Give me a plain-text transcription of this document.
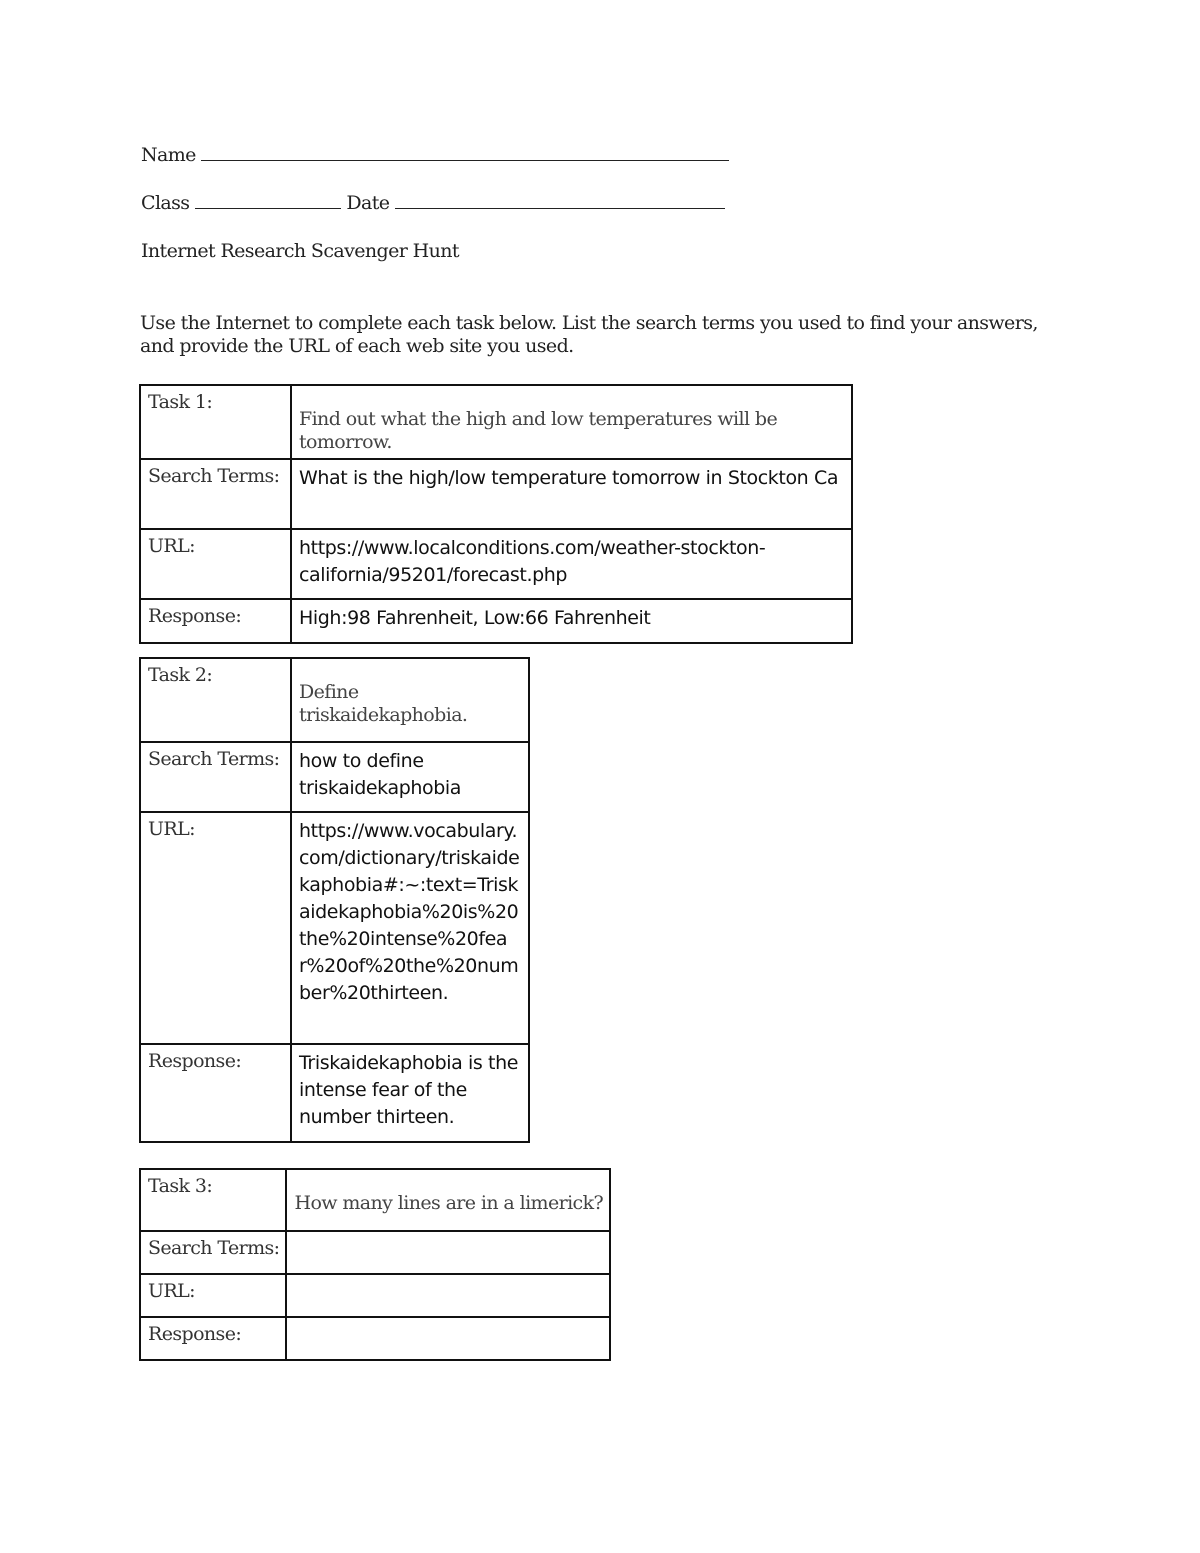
Name
Class	Date
Internet Research Scavenger Hunt
Use the Internet to complete each task below. List the search terms you used to find your answers, and provide the URL of each web site you used.
Task 1:	Find out what the high and low temperatures will be tomorrow.

Search Terms:	What is the high/low temperature tomorrow in Stockton Ca
URL:	https://www.localconditions.com/weather-stockton-california/95201/forecast.php
Response:	High:98 Fahrenheit, Low:66 Fahrenheit
Task 2:	Define triskaidekaphobia.

Search Terms:	how to define triskaidekaphobia
URL:	https://www.vocabulary.com/dictionary/triskaidekaphobia#:~:text=Triskaidekaphobia%20is%20the%20intense%20fear%20of%20the%20number%20thirteen.
Response:	Triskaidekaphobia is the intense fear of the number thirteen.
Task 3:	How many lines are in a limerick?

Search Terms:	
URL:	
Response:	
